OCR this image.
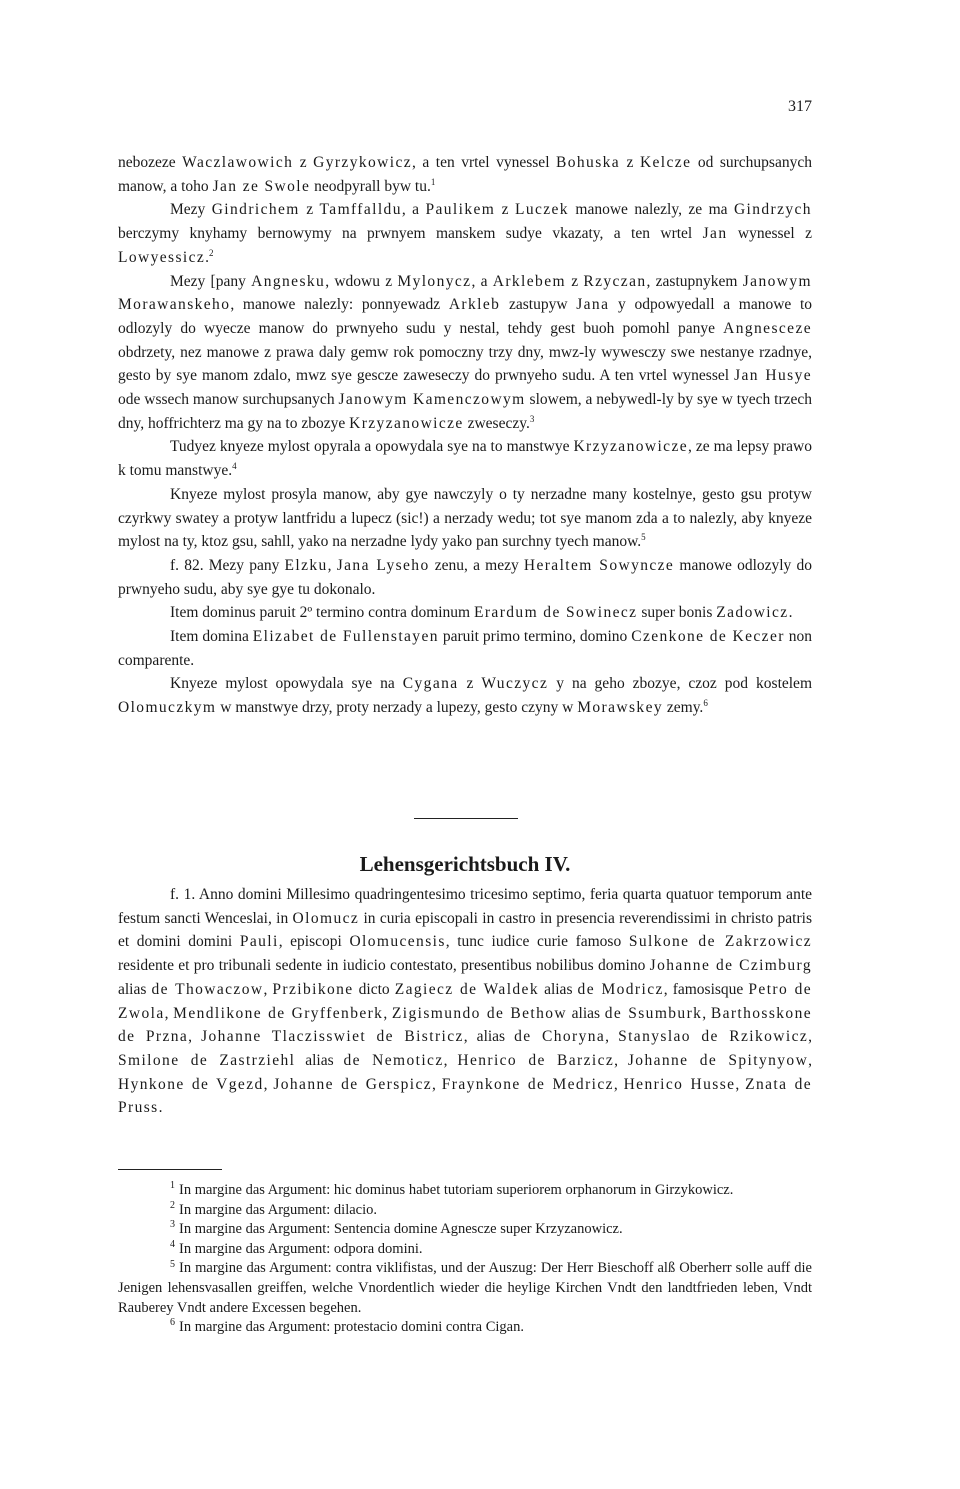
317

nebozeze Waczlawowich z Gyrzykowicz, a ten vrtel vynessel Bohuska z Kelcze od surchupsanych manow, a toho Jan ze Swole neodpyrall byw tu.$^1$

Mezy Gindrichem z Tamffalldu, a Paulikem z Luczek manowe nalezly, ze ma Gindrzych berczymy knyhamy bernowymy na prwnyem manskem sudye vkazaty, a ten wrtel Jan wynessel z Lowyessicz.$^2$

Mezy [pany Angnesku, wdowu z Mylonycz, a Arklebem z Rzyczan, zastupnykem Janowym Morawanskeho, manowe nalezly: ponnyewadz Arkleb zastupyw Jana y odpowyedall a manowe to odlozyly do wyecze manow do prwnyeho sudu y nestal, tehdy gest buoh pomohl panye Angnesceze obdrzety, nez manowe z prawa daly gemw rok pomoczny trzy dny, mwz-ly wywesczy swe nestanye rzadnye, gesto by sye manom zdalo, mwz sye gescze zaweseczy do prwnyeho sudu. A ten vrtel wynessel Jan Husye ode wssech manow surchupsanych Janowym Kamenczowym slowem, a nebywedl-ly by sye w tyech trzech dny, hoffrichterz ma gy na to zbozye Krzyzanowicze zweseczy.$^3$

Tudyez knyeze mylost opyrala a opowydala sye na to manstwye Krzyzanowicze, ze ma lepsy prawo k tomu manstwye.$^4$

Knyeze mylost prosyla manow, aby gye nawczyly o ty nerzadne many kostelnye, gesto gsu protyw czyrkwy swatey a protyw lantfridu a lupecz (sic!) a nerzady wedu; tot sye manom zda a to nalezly, aby knyeze mylost na ty, ktoz gsu, sahll, yako na nerzadne lydy yako pan surchny tyech manow.$^5$

f. 82. Mezy pany Elzku, Jana Lyseho zenu, a mezy Heraltem Sowyncze manowe odlozyly do prwnyeho sudu, aby sye gye tu dokonalo.

Item dominus paruit 2º termino contra dominum Erardum de Sowinecz super bonis Zadowicz.

Item domina Elizabet de Fullenstayen paruit primo termino, domino Czenkone de Keczer non comparente.

Knyeze mylost opowydala sye na Cygana z Wuczycz y na geho zbozye, czoz pod kostelem Olomuczkym w manstwye drzy, proty nerzady a lupezy, gesto czyny w Morawskey zemy.$^6$

Lehensgerichtsbuch IV.

f. 1. Anno domini Millesimo quadringentesimo tricesimo septimo, feria quarta quatuor temporum ante festum sancti Wenceslai, in Olomucz in curia episcopali in castro in presencia reverendissimi in christo patris et domini domini Pauli, episcopi Olomucensis, tunc iudice curie famoso Sulkone de Zakrzowicz residente et pro tribunali sedente in iudicio contestato, presentibus nobilibus domino Johanne de Czimburg alias de Thowaczow, Przibikone dicto Zagiecz de Waldek alias de Modricz, famosisque Petro de Zwola, Mendlikone de Gryffenberk, Zigismundo de Bethow alias de Ssumburk, Barthosskone de Przna, Johanne Tlaczisswiet de Bistricz, alias de Choryna, Stanyslao de Rzikowicz, Smilone de Zastrziehl alias de Nemoticz, Henrico de Barzicz, Johanne de Spitynyow, Hynkone de Vgezd, Johanne de Gerspicz, Fraynkone de Medricz, Henrico Husse, Znata de Pruss.

$^1$ In margine das Argument: hic dominus habet tutoriam superiorem orphanorum in Girzykowicz.

$^2$ In margine das Argument: dilacio.

$^3$ In margine das Argument: Sentencia domine Agnescze super Krzyzanowicz.

$^4$ In margine das Argument: odpora domini.

$^5$ In margine das Argument: contra viklifistas, und der Auszug: Der Herr Bieschoff alß Oberherr solle auff die Jenigen lehensvasallen greiffen, welche Vnordentlich wieder die heylige Kirchen Vndt den landtfrieden leben, Vndt Rauberey Vndt andere Excessen begehen.

$^6$ In margine das Argument: protestacio domini contra Cigan.
